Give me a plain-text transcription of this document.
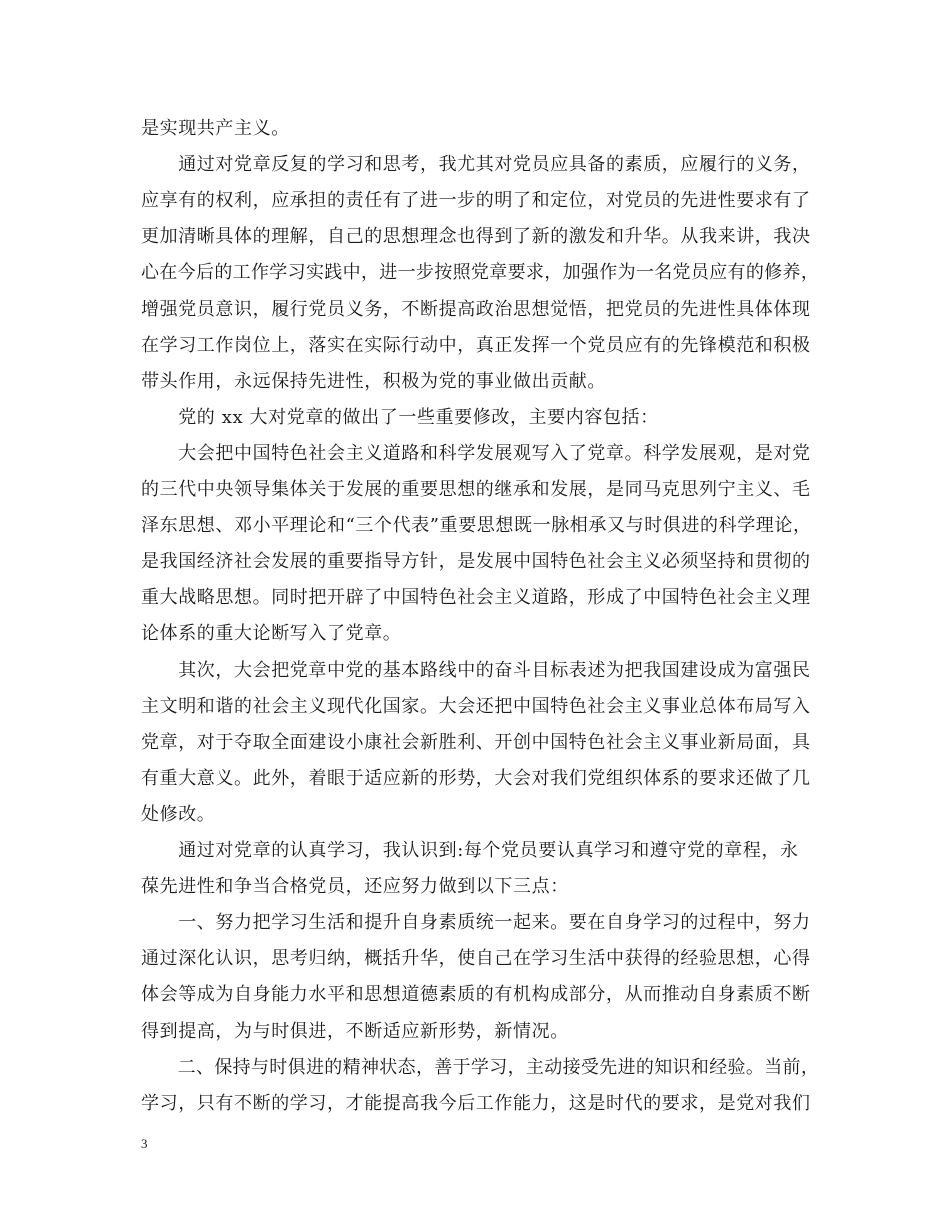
是实现共产主义。
　　通过对党章反复的学习和思考，我尤其对党员应具备的素质，应履行的义务，
应享有的权利，应承担的责任有了进一步的明了和定位，对党员的先进性要求有了
更加清晰具体的理解，自己的思想理念也得到了新的激发和升华。从我来讲，我决
心在今后的工作学习实践中，进一步按照党章要求，加强作为一名党员应有的修养，
增强党员意识，履行党员义务，不断提高政治思想觉悟，把党员的先进性具体体现
在学习工作岗位上，落实在实际行动中，真正发挥一个党员应有的先锋模范和积极
带头作用，永远保持先进性，积极为党的事业做出贡献。
　　党的 xx 大对党章的做出了一些重要修改，主要内容包括：
　　大会把中国特色社会主义道路和科学发展观写入了党章。科学发展观，是对党
的三代中央领导集体关于发展的重要思想的继承和发展，是同马克思列宁主义、毛
泽东思想、邓小平理论和“三个代表”重要思想既一脉相承又与时俱进的科学理论，
是我国经济社会发展的重要指导方针，是发展中国特色社会主义必须坚持和贯彻的
重大战略思想。同时把开辟了中国特色社会主义道路，形成了中国特色社会主义理
论体系的重大论断写入了党章。
　　其次，大会把党章中党的基本路线中的奋斗目标表述为把我国建设成为富强民
主文明和谐的社会主义现代化国家。大会还把中国特色社会主义事业总体布局写入
党章，对于夺取全面建设小康社会新胜利、开创中国特色社会主义事业新局面，具
有重大意义。此外，着眼于适应新的形势，大会对我们党组织体系的要求还做了几
处修改。
　　通过对党章的认真学习，我认识到:每个党员要认真学习和遵守党的章程，永
葆先进性和争当合格党员，还应努力做到以下三点：
　　一、努力把学习生活和提升自身素质统一起来。要在自身学习的过程中，努力
通过深化认识，思考归纳，概括升华，使自己在学习生活中获得的经验思想，心得
体会等成为自身能力水平和思想道德素质的有机构成部分，从而推动自身素质不断
得到提高，为与时俱进，不断适应新形势，新情况。
　　二、保持与时俱进的精神状态，善于学习，主动接受先进的知识和经验。当前，
学习，只有不断的学习，才能提高我今后工作能力，这是时代的要求，是党对我们
3
